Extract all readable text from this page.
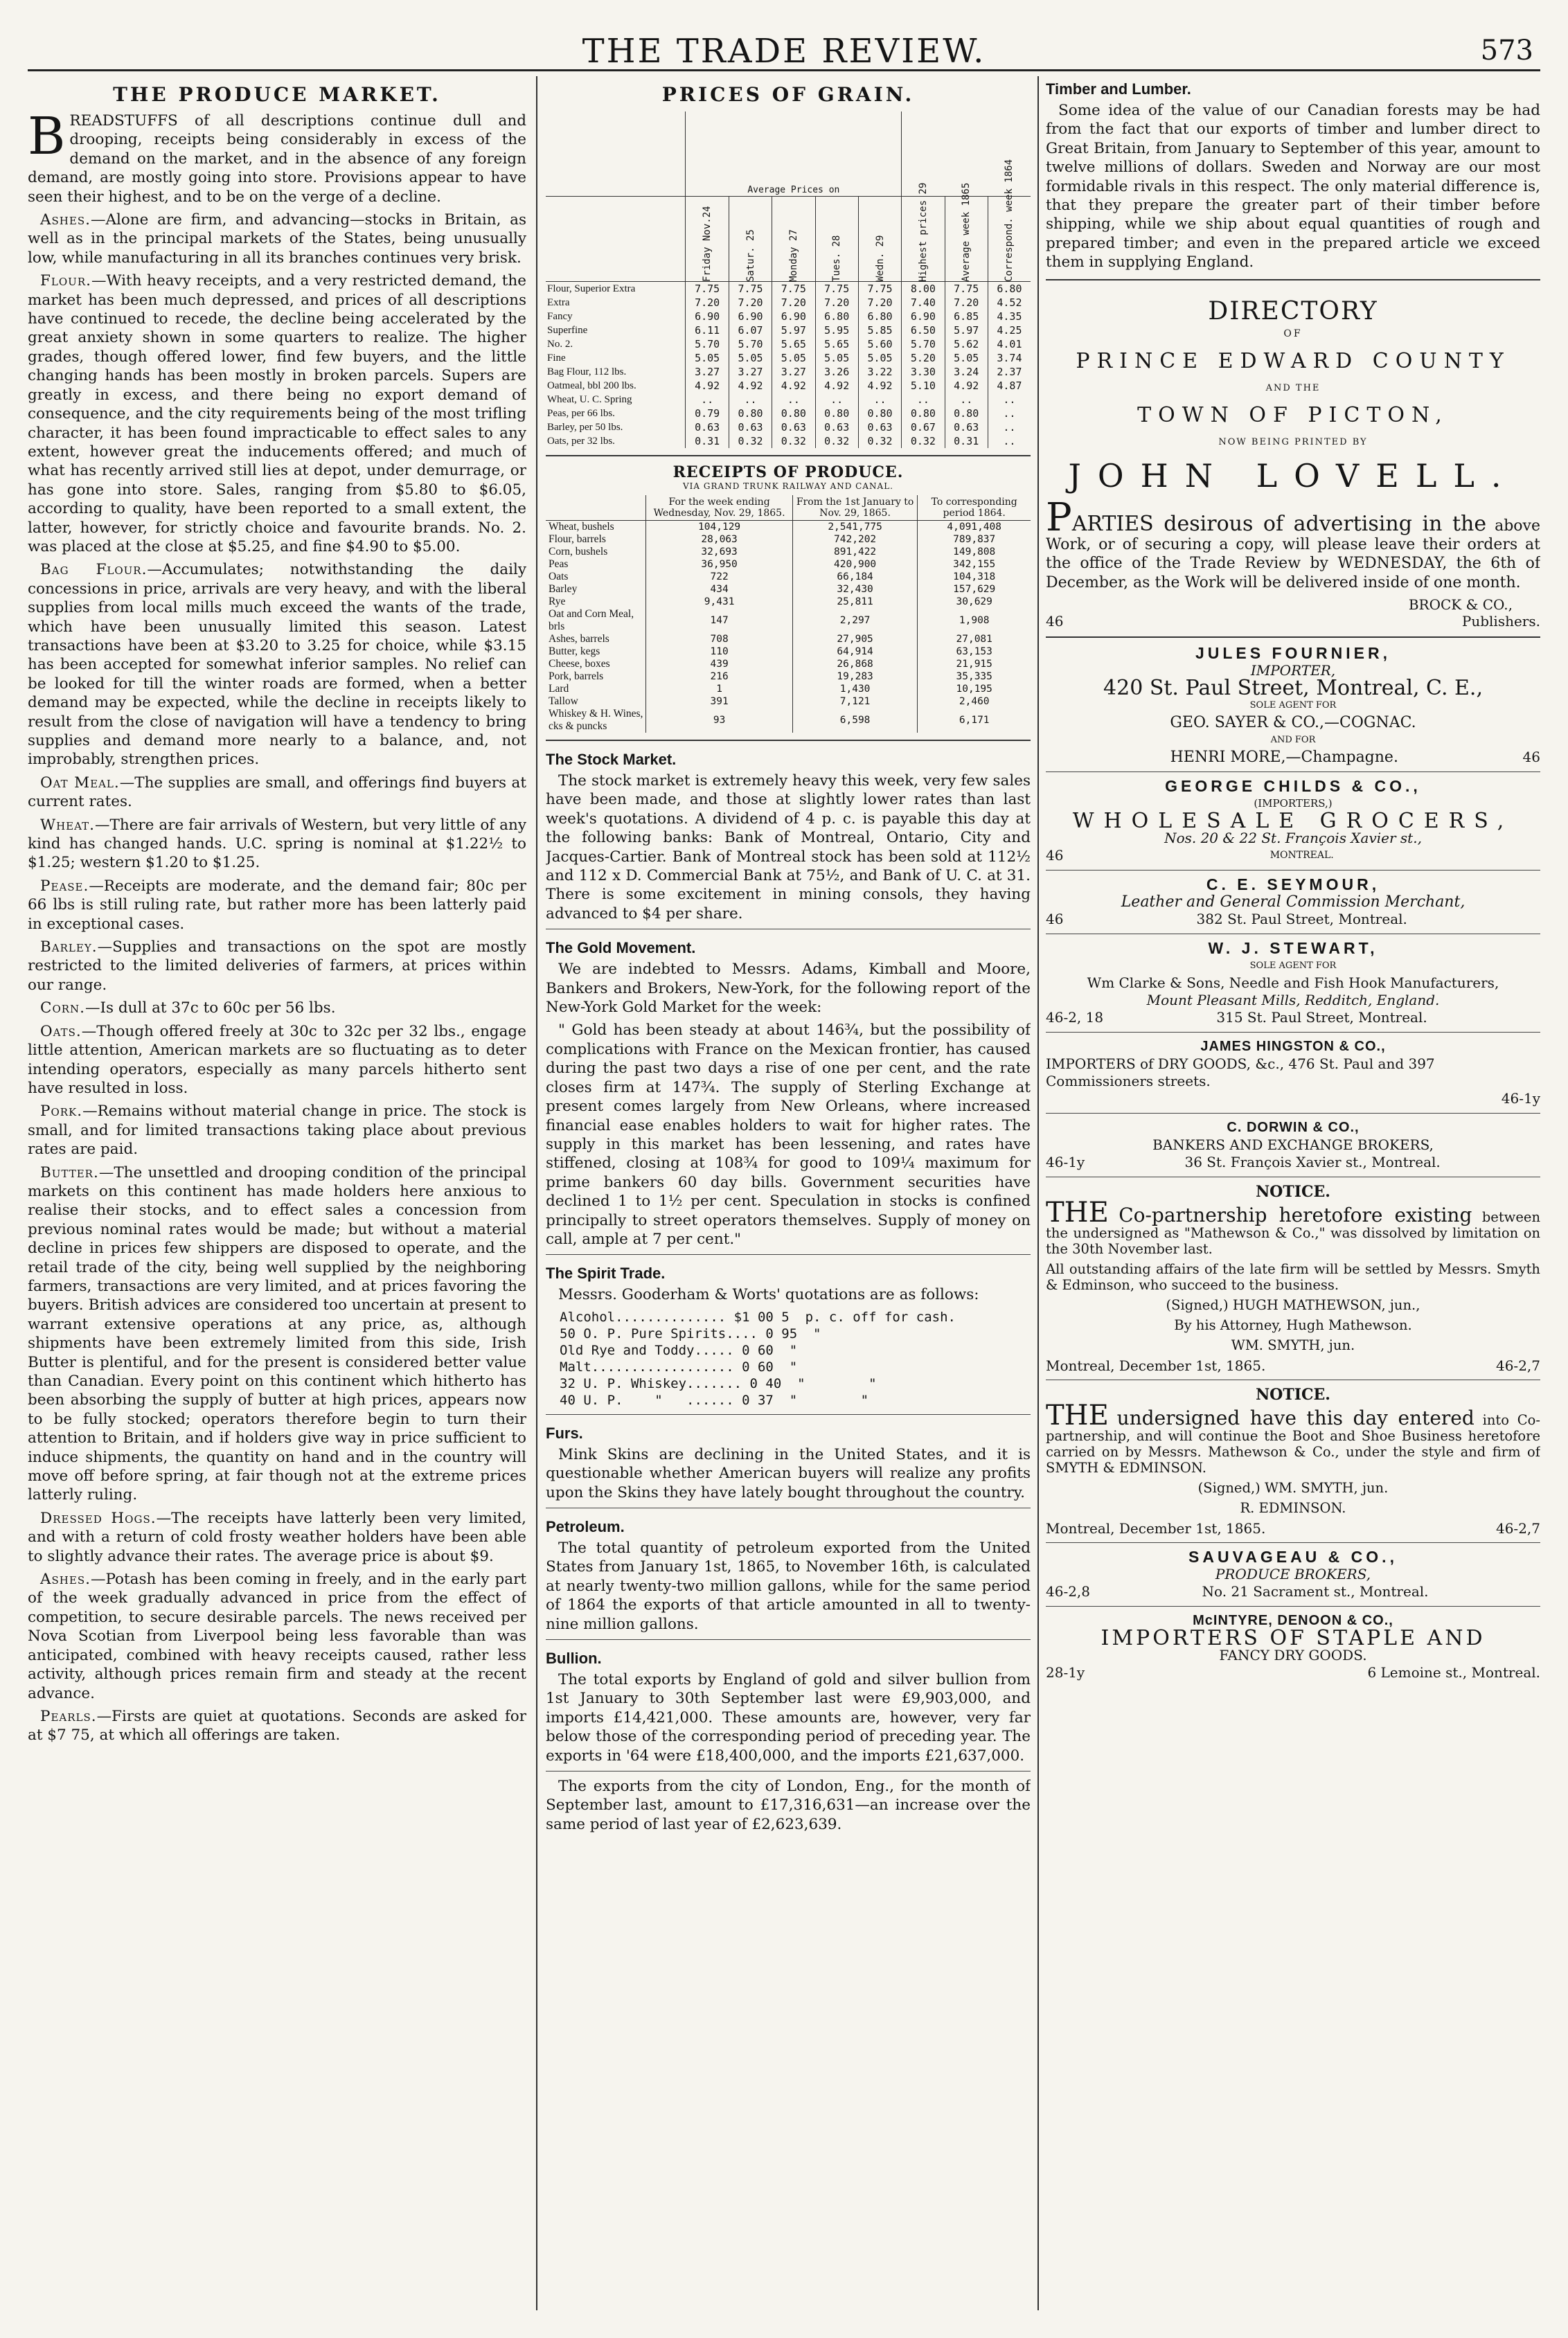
THE TRADE REVIEW.	573
THE PRODUCE MARKET.

BREADSTUFFS of all descriptions continue dull and drooping, receipts being considerably in excess of the demand on the market, and in the absence of any foreign demand, are mostly going into store. Provisions appear to have seen their highest, and to be on the verge of a decline.

Ashes.—Alone are firm, and advancing—stocks in Britain, as well as in the principal markets of the States, being unusually low, while manufacturing in all its branches continues very brisk.

Flour.—With heavy receipts, and a very restricted demand, the market has been much depressed, and prices of all descriptions have continued to recede, the decline being accelerated by the great anxiety shown in some quarters to realize. The higher grades, though offered lower, find few buyers, and the little changing hands has been mostly in broken parcels. Supers are greatly in excess, and there being no export demand of consequence, and the city requirements being of the most trifling character, it has been found impracticable to effect sales to any extent, however great the inducements offered; and much of what has recently arrived still lies at depot, under demurrage, or has gone into store. Sales, ranging from $5.80 to $6.05, according to quality, have been reported to a small extent, the latter, however, for strictly choice and favourite brands. No. 2. was placed at the close at $5.25, and fine $4.90 to $5.00.

Bag Flour.—Accumulates; notwithstanding the daily concessions in price, arrivals are very heavy, and with the liberal supplies from local mills much exceed the wants of the trade, which have been unusually limited this season. Latest transactions have been at $3.20 to 3.25 for choice, while $3.15 has been accepted for somewhat inferior samples. No relief can be looked for till the winter roads are formed, when a better demand may be expected, while the decline in receipts likely to result from the close of navigation will have a tendency to bring supplies and demand more nearly to a balance, and, not improbably, strengthen prices.

Oat Meal.—The supplies are small, and offerings find buyers at current rates.

Wheat.—There are fair arrivals of Western, but very little of any kind has changed hands. U.C. spring is nominal at $1.22½ to $1.25; western $1.20 to $1.25.

Pease.—Receipts are moderate, and the demand fair; 80c per 66 lbs is still ruling rate, but rather more has been latterly paid in exceptional cases.

Barley.—Supplies and transactions on the spot are mostly restricted to the limited deliveries of farmers, at prices within our range.

Corn.—Is dull at 37c to 60c per 56 lbs.

Oats.—Though offered freely at 30c to 32c per 32 lbs., engage little attention, American markets are so fluctuating as to deter intending operators, especially as many parcels hitherto sent have resulted in loss.

Pork.—Remains without material change in price. The stock is small, and for limited transactions taking place about previous rates are paid.

Butter.—The unsettled and drooping condition of the principal markets on this continent has made holders here anxious to realise their stocks, and to effect sales a concession from previous nominal rates would be made; but without a material decline in prices few shippers are disposed to operate, and the retail trade of the city, being well supplied by the neighboring farmers, transactions are very limited, and at prices favoring the buyers. British advices are considered too uncertain at present to warrant extensive operations at any price, as, although shipments have been extremely limited from this side, Irish Butter is plentiful, and for the present is considered better value than Canadian. Every point on this continent which hitherto has been absorbing the supply of butter at high prices, appears now to be fully stocked; operators therefore begin to turn their attention to Britain, and if holders give way in price sufficient to induce shipments, the quantity on hand and in the country will move off before spring, at fair though not at the extreme prices latterly ruling.

Dressed Hogs.—The receipts have latterly been very limited, and with a return of cold frosty weather holders have been able to slightly advance their rates. The average price is about $9.

Ashes.—Potash has been coming in freely, and in the early part of the week gradually advanced in price from the effect of competition, to secure desirable parcels. The news received per Nova Scotian from Liverpool being less favorable than was anticipated, combined with heavy receipts caused, rather less activity, although prices remain firm and steady at the recent advance.

Pearls.—Firsts are quiet at quotations. Seconds are asked for at $7 75, at which all offerings are taken.

PRICES OF GRAIN.
	Average Prices on							
	Friday Nov.24	Satur. 25	Monday 27	Tues. 28	Wedn. 29	Highest prices 29	Average week 1865	Correspond. week 1864
Flour, Superior Extra	7.75	7.75	7.75	7.75	7.75	8.00	7.75	6.80
Extra	7.20	7.20	7.20	7.20	7.20	7.40	7.20	4.52
Fancy	6.90	6.90	6.90	6.80	6.80	6.90	6.85	4.35
Superfine	6.11	6.07	5.97	5.95	5.85	6.50	5.97	4.25
No. 2.	5.70	5.70	5.65	5.65	5.60	5.70	5.62	4.01
Fine	5.05	5.05	5.05	5.05	5.05	5.20	5.05	3.74
Bag Flour, 112 lbs.	3.27	3.27	3.27	3.26	3.22	3.30	3.24	2.37
Oatmeal, bbl 200 lbs.	4.92	4.92	4.92	4.92	4.92	5.10	4.92	4.87
Wheat, U. C. Spring	..	..	..	..	..	..	..	..
Peas, per 66 lbs.	0.79	0.80	0.80	0.80	0.80	0.80	0.80	..
Barley, per 50 lbs.	0.63	0.63	0.63	0.63	0.63	0.67	0.63	..
Oats, per 32 lbs.	0.31	0.32	0.32	0.32	0.32	0.32	0.31	..
RECEIPTS OF PRODUCE.
VIA GRAND TRUNK RAILWAY AND CANAL.
	For the week ending Wednesday, Nov. 29, 1865.	From the 1st January to Nov. 29, 1865.	To corresponding period 1864.
Wheat, bushels	104,129	2,541,775	4,091,408
Flour, barrels	28,063	742,202	789,837
Corn, bushels	32,693	891,422	149,808
Peas	36,950	420,900	342,155
Oats	722	66,184	104,318
Barley	434	32,430	157,629
Rye	9,431	25,811	30,629
Oat and Corn Meal, brls	147	2,297	1,908
Ashes, barrels	708	27,905	27,081
Butter, kegs	110	64,914	63,153
Cheese, boxes	439	26,868	21,915
Pork, barrels	216	19,283	35,335
Lard	1	1,430	10,195
Tallow	391	7,121	2,460
Whiskey & H. Wines, cks & puncks	93	6,598	6,171
The Stock Market.

The stock market is extremely heavy this week, very few sales have been made, and those at slightly lower rates than last week's quotations. A dividend of 4 p. c. is payable this day at the following banks: Bank of Montreal, Ontario, City and Jacques-Cartier. Bank of Montreal stock has been sold at 112½ and 112 x D. Commercial Bank at 75½, and Bank of U. C. at 31. There is some excitement in mining consols, they having advanced to $4 per share.

The Gold Movement.

We are indebted to Messrs. Adams, Kimball and Moore, Bankers and Brokers, New-York, for the following report of the New-York Gold Market for the week:

" Gold has been steady at about 146¾, but the possibility of complications with France on the Mexican frontier, has caused during the past two days a rise of one per cent, and the rate closes firm at 147¾. The supply of Sterling Exchange at present comes largely from New Orleans, where increased financial ease enables holders to wait for higher rates. The supply in this market has been lessening, and rates have stiffened, closing at 108¾ for good to 109¼ maximum for prime bankers 60 day bills. Government securities have declined 1 to 1½ per cent. Speculation in stocks is confined principally to street operators themselves. Supply of money on call, ample at 7 per cent."

The Spirit Trade.

Messrs. Gooderham & Worts' quotations are as follows:

Alcohol.............. $1 00 5  p. c. off for cash.
50 O. P. Pure Spirits.... 0 95  "
Old Rye and Toddy..... 0 60  "
Malt.................. 0 60  "
32 U. P. Whiskey....... 0 40  "        "
40 U. P.    "   ...... 0 37  "        "
Furs.

Mink Skins are declining in the United States, and it is questionable whether American buyers will realize any profits upon the Skins they have lately bought throughout the country.

Petroleum.

The total quantity of petroleum exported from the United States from January 1st, 1865, to November 16th, is calculated at nearly twenty-two million gallons, while for the same period of 1864 the exports of that article amounted in all to twenty-nine million gallons.

Bullion.

The total exports by England of gold and silver bullion from 1st January to 30th September last were £9,903,000, and imports £14,421,000. These amounts are, however, very far below those of the corresponding period of preceding year. The exports in '64 were £18,400,000, and the imports £21,637,000.

The exports from the city of London, Eng., for the month of September last, amount to £17,316,631—an increase over the same period of last year of £2,623,639.

Timber and Lumber.

Some idea of the value of our Canadian forests may be had from the fact that our exports of timber and lumber direct to Great Britain, from January to September of this year, amount to twelve millions of dollars. Sweden and Norway are our most formidable rivals in this respect. The only material difference is, that they prepare the greater part of their timber before shipping, while we ship about equal quantities of rough and prepared timber; and even in the prepared article we exceed them in supplying England.

DIRECTORY
OF
PRINCE EDWARD COUNTY
AND THE
TOWN OF PICTON,
NOW BEING PRINTED BY
JOHN LOVELL.

PARTIES desirous of advertising in the above Work, or of securing a copy, will please leave their orders at the office of the Trade Review by WEDNESDAY, the 6th of December, as the Work will be delivered inside of one month.

BROCK & CO.,
46	Publishers.
JULES FOURNIER,
IMPORTER,
420 St. Paul Street, Montreal, C. E.,
SOLE AGENT FOR
GEO. SAYER & CO.,—COGNAC.
AND FOR
HENRI MORE,—Champagne.	46
GEORGE CHILDS & CO.,
(IMPORTERS,)
WHOLESALE GROCERS,
Nos. 20 & 22 St. François Xavier st.,
46	MONTREAL.
C. E. SEYMOUR,
Leather and General Commission Merchant,
46	382 St. Paul Street, Montreal.
W. J. STEWART,
SOLE AGENT FOR
Wm Clarke & Sons, Needle and Fish Hook Manufacturers,
Mount Pleasant Mills, Redditch, England.
46-2, 18	315 St. Paul Street, Montreal.
JAMES HINGSTON & CO.,
IMPORTERS of DRY GOODS, &c., 476 St. Paul and 397 Commissioners streets.
46-1y
C. DORWIN & CO.,
BANKERS AND EXCHANGE BROKERS,
46-1y	36 St. François Xavier st., Montreal.
NOTICE.

THE Co-partnership heretofore existing between the undersigned as "Mathewson & Co.," was dissolved by limitation on the 30th November last.

All outstanding affairs of the late firm will be settled by Messrs. Smyth & Edminson, who succeed to the business.

(Signed,) HUGH MATHEWSON, jun.,

By his Attorney, Hugh Mathewson.

WM. SMYTH, jun.

Montreal, December 1st, 1865.	46-2,7
NOTICE.

THE undersigned have this day entered into Co-partnership, and will continue the Boot and Shoe Business heretofore carried on by Messrs. Mathewson & Co., under the style and firm of SMYTH & EDMINSON.

(Signed,) WM. SMYTH, jun.

R. EDMINSON.

Montreal, December 1st, 1865.	46-2,7
SAUVAGEAU & CO.,
PRODUCE BROKERS,
46-2,8	No. 21 Sacrament st., Montreal.
McINTYRE, DENOON & CO.,
IMPORTERS OF STAPLE AND
FANCY DRY GOODS.
28-1y	6 Lemoine st., Montreal.
